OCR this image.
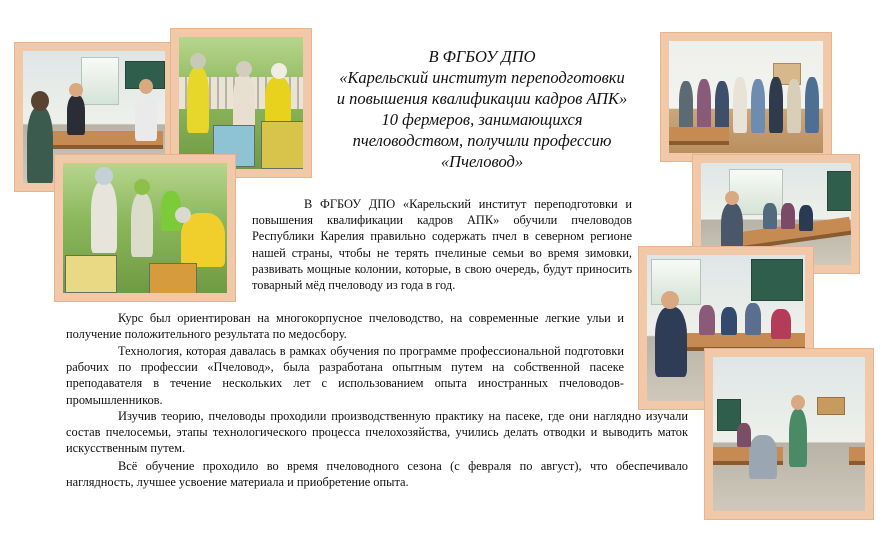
В ФГБОУ ДПО
«Карельский институт переподготовки
и повышения квалификации кадров АПК»
10 фермеров, занимающихся
пчеловодством, получили профессию
«Пчеловод»

В ФГБОУ ДПО «Карельский институт переподготовки и повышения квалификации кадров АПК» обучили пчеловодов Республики Карелия правильно содержать пчел в северном регионе нашей страны, чтобы не терять пчелиные семьи во время зимовки, развивать мощные колонии, которые, в свою очередь, будут приносить товарный мёд пчеловоду из года в год.

Курс был ориентирован на многокорпусное пчеловодство, на современные легкие ульи и получение положительного результата по медосбору.

Технология, которая давалась в рамках обучения по программе профессиональной подготовки рабочих по профессии «Пчеловод», была разработана опытным путем на собственной пасеке преподавателя в течение нескольких лет с использованием опыта иностранных пчеловодов-промышленников.

Изучив теорию, пчеловоды проходили производственную практику на пасеке, где они наглядно изучали состав пчелосемьи, этапы технологического процесса пчелохозяйства, учились делать отводки и выводить маток искусственным путем.

Всё обучение проходило во время пчеловодного сезона (с февраля по август), что обеспечивало наглядность, лучшее усвоение материала и приобретение опыта.
